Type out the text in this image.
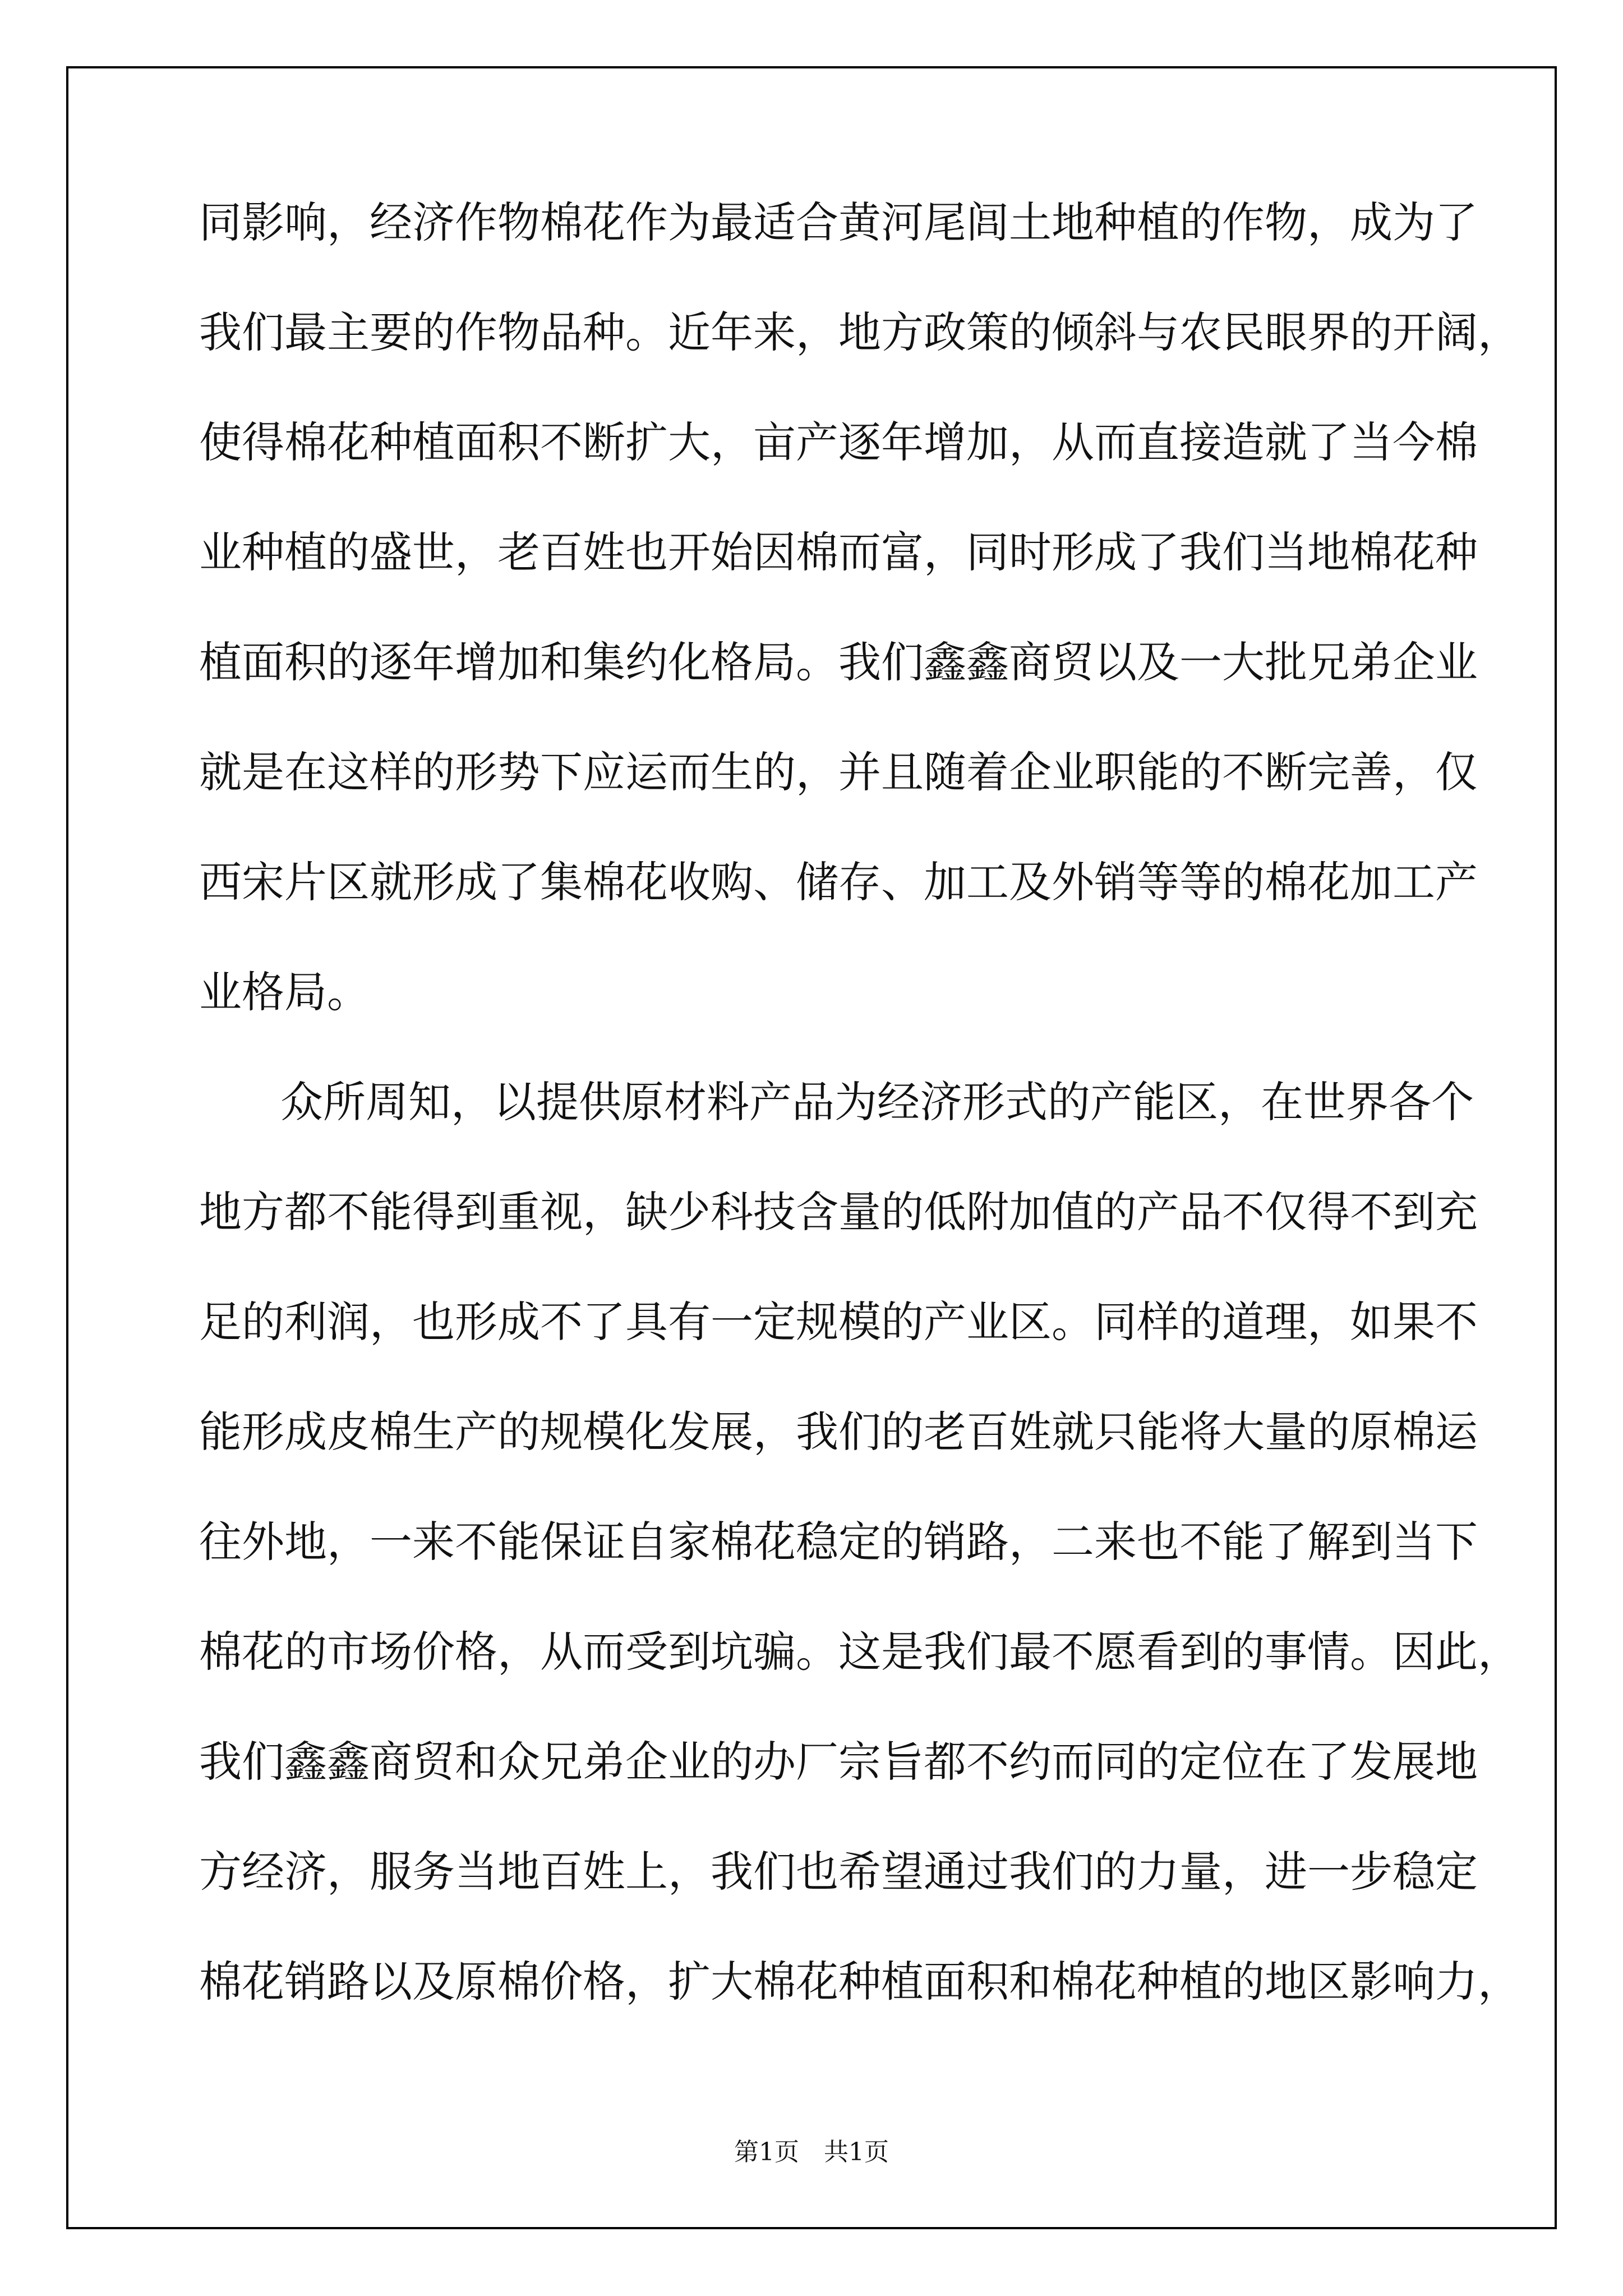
同影响，经济作物棉花作为最适合黄河尾闾土地种植的作物，成为了
我们最主要的作物品种。近年来，地方政策的倾斜与农民眼界的开阔，
使得棉花种植面积不断扩大，亩产逐年增加，从而直接造就了当今棉
业种植的盛世，老百姓也开始因棉而富，同时形成了我们当地棉花种
植面积的逐年增加和集约化格局。我们鑫鑫商贸以及一大批兄弟企业
就是在这样的形势下应运而生的，并且随着企业职能的不断完善，仅
西宋片区就形成了集棉花收购、储存、加工及外销等等的棉花加工产
业格局。
众所周知，以提供原材料产品为经济形式的产能区，在世界各个
地方都不能得到重视，缺少科技含量的低附加值的产品不仅得不到充
足的利润，也形成不了具有一定规模的产业区。同样的道理，如果不
能形成皮棉生产的规模化发展，我们的老百姓就只能将大量的原棉运
往外地，一来不能保证自家棉花稳定的销路，二来也不能了解到当下
棉花的市场价格，从而受到坑骗。这是我们最不愿看到的事情。因此，
我们鑫鑫商贸和众兄弟企业的办厂宗旨都不约而同的定位在了发展地
方经济，服务当地百姓上，我们也希望通过我们的力量，进一步稳定
棉花销路以及原棉价格，扩大棉花种植面积和棉花种植的地区影响力，
第1页　共1页
